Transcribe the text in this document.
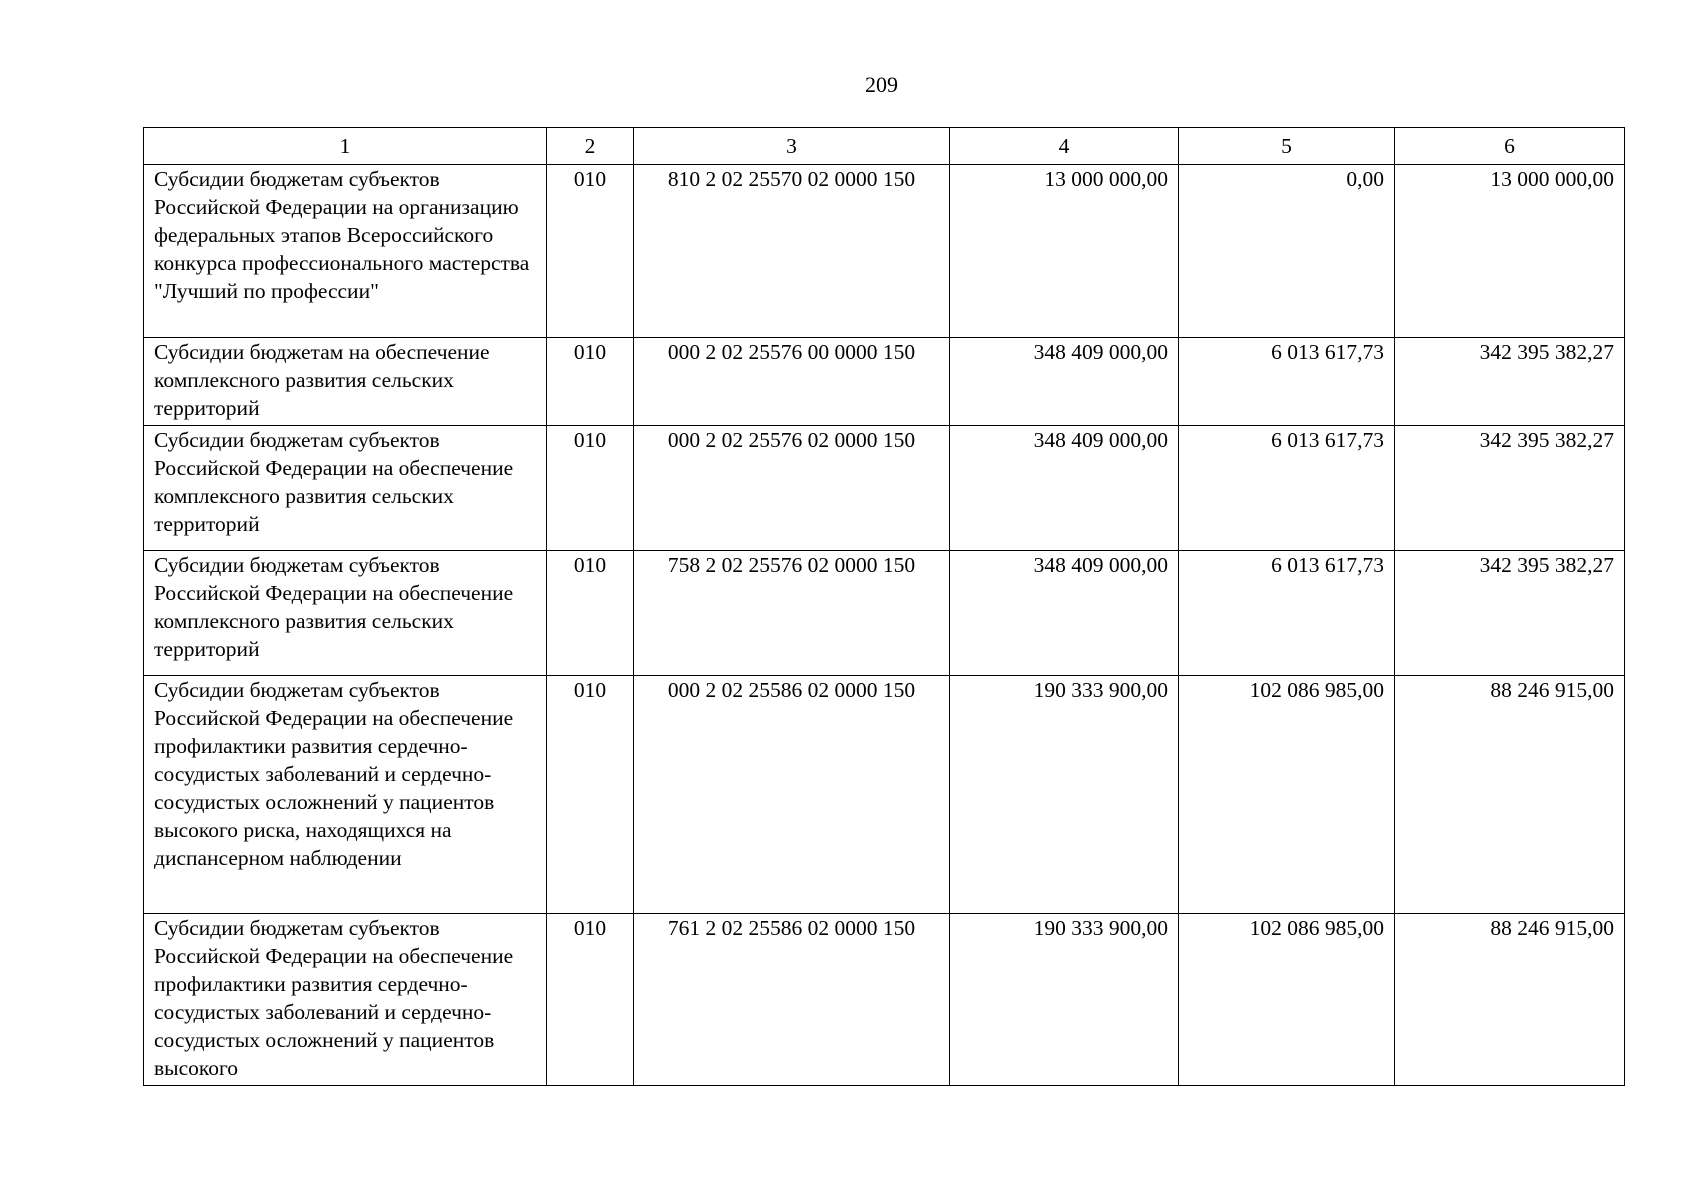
209
1	2	3	4	5	6
Субсидии бюджетам субъектов Российской Федерации на организацию федеральных этапов Всероссийского конкурса профессионального мастерства "Лучший по профессии"	010	810 2 02 25570 02 0000 150	13 000 000,00	0,00	13 000 000,00
Субсидии бюджетам на обеспечение комплексного развития сельских территорий	010	000 2 02 25576 00 0000 150	348 409 000,00	6 013 617,73	342 395 382,27
Субсидии бюджетам субъектов Российской Федерации на обеспечение комплексного развития сельских территорий	010	000 2 02 25576 02 0000 150	348 409 000,00	6 013 617,73	342 395 382,27
Субсидии бюджетам субъектов Российской Федерации на обеспечение комплексного развития сельских территорий	010	758 2 02 25576 02 0000 150	348 409 000,00	6 013 617,73	342 395 382,27
Субсидии бюджетам субъектов Российской Федерации на обеспечение профилактики развития сердечно-сосудистых заболеваний и сердечно-сосудистых осложнений у пациентов высокого риска, находящихся на диспансерном наблюдении	010	000 2 02 25586 02 0000 150	190 333 900,00	102 086 985,00	88 246 915,00
Субсидии бюджетам субъектов Российской Федерации на обеспечение профилактики развития сердечно-сосудистых заболеваний и сердечно-сосудистых осложнений у пациентов высокого	010	761 2 02 25586 02 0000 150	190 333 900,00	102 086 985,00	88 246 915,00
